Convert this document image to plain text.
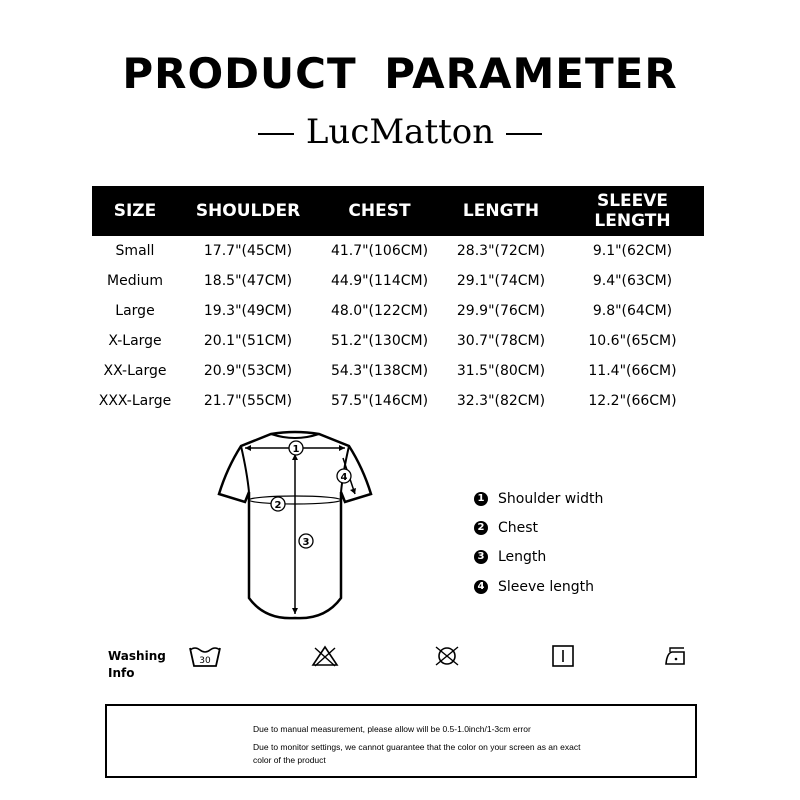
PRODUCT PARAMETER
LucMatton
SIZE	SHOULDER	CHEST	LENGTH	SLEEVE LENGTH
Small	17.7"(45CM)	41.7"(106CM)	28.3"(72CM)	9.1"(62CM)
Medium	18.5"(47CM)	44.9"(114CM)	29.1"(74CM)	9.4"(63CM)
Large	19.3"(49CM)	48.0"(122CM)	29.9"(76CM)	9.8"(64CM)
X-Large	20.1"(51CM)	51.2"(130CM)	30.7"(78CM)	10.6"(65CM)
XX-Large	20.9"(53CM)	54.3"(138CM)	31.5"(80CM)	11.4"(66CM)
XXX-Large	21.7"(55CM)	57.5"(146CM)	32.3"(82CM)	12.2"(66CM)
1
2
3
4
1 Shoulder width
2 Chest
3 Length
4 Sleeve length
Washing
Info
30
Due to manual measurement, please allow will be 0.5-1.0inch/1-3cm error
Due to monitor settings, we cannot guarantee that the color on your screen as an exact color of the product
